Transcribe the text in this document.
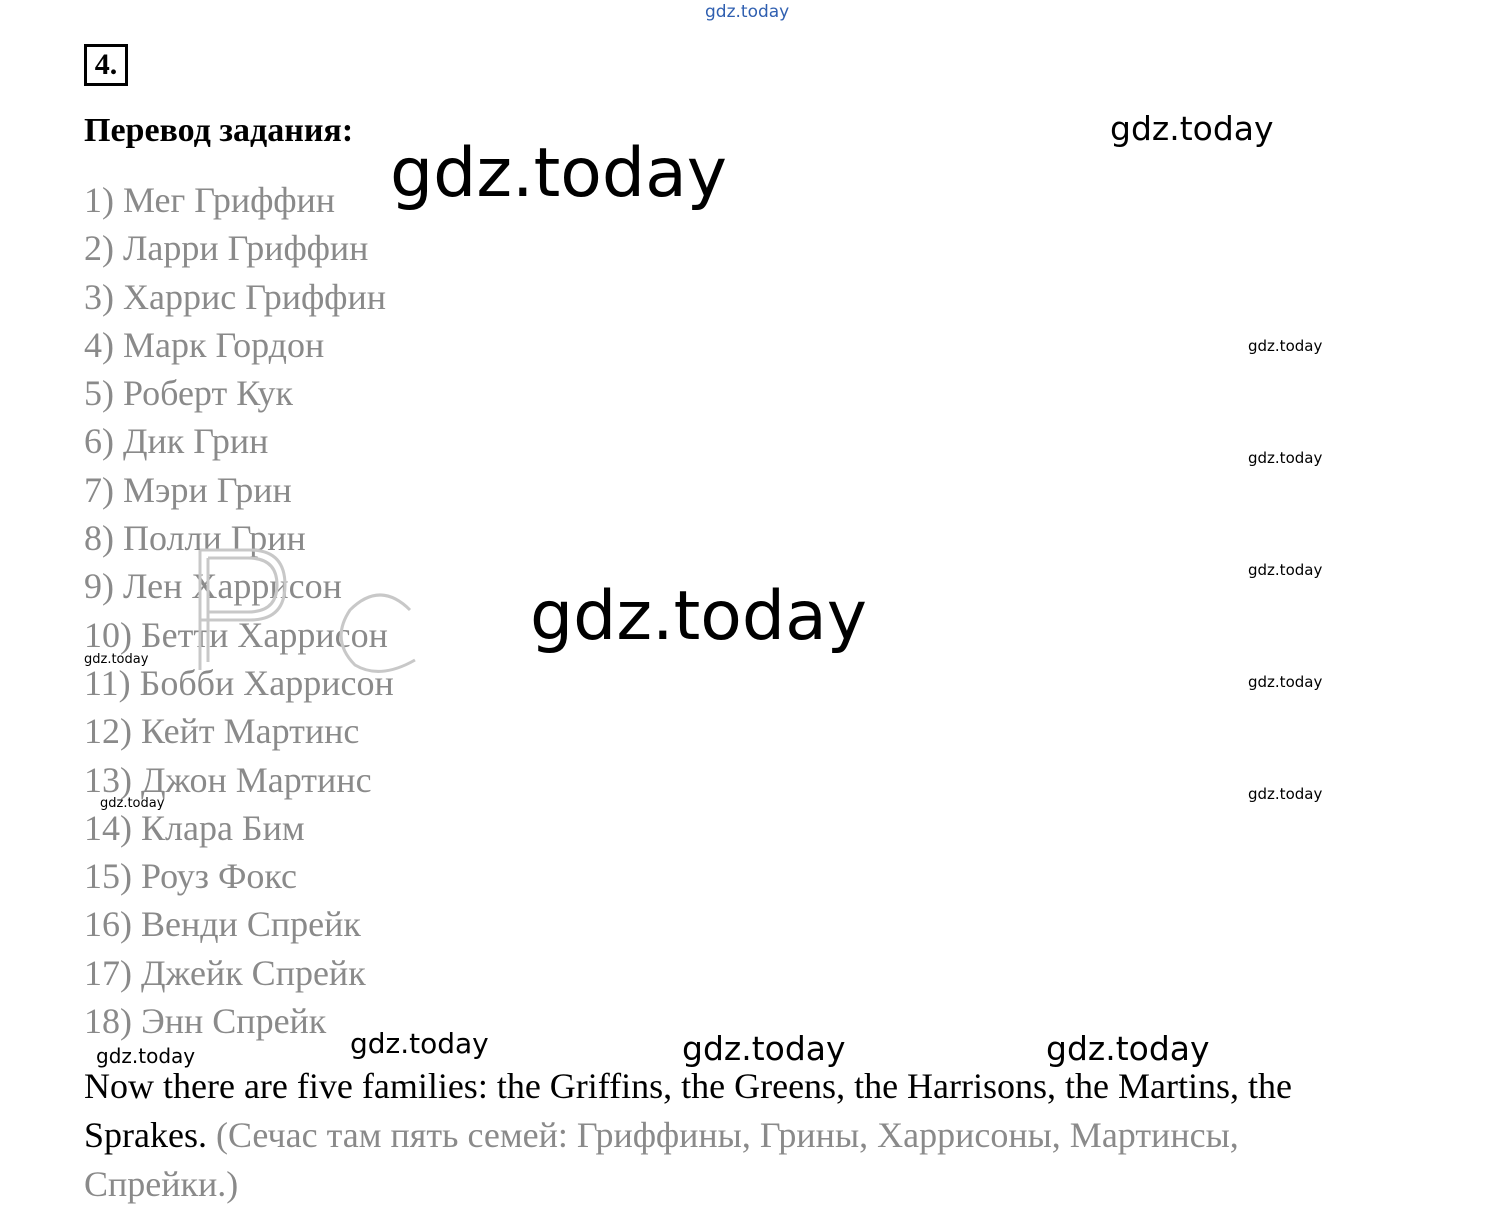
4.
Перевод задания:
1) Мег Гриффин
2) Ларри Гриффин
3) Харрис Гриффин
4) Марк Гордон
5) Роберт Кук
6) Дик Грин
7) Мэри Грин
8) Полли Грин
9) Лен Харрисон
10) Бетти Харрисон
11) Бобби Харрисон
12) Кейт Мартинс
13) Джон Мартинс
14) Клара Бим
15) Роуз Фокс
16) Венди Спрейк
17) Джейк Спрейк
18) Энн Спрейк
Now there are five families: the Griffins, the Greens, the Harrisons, the Martins, the Sprakes. (Сечас там пять семей: Гриффины, Грины, Харрисоны, Мартинсы, Спрейки.)
gdz.today
gdz.today
gdz.today
gdz.today
gdz.today
gdz.today
gdz.today
gdz.today
gdz.today
gdz.today
gdz.today
gdz.today	gdz.today	gdz.today	gdz.today
